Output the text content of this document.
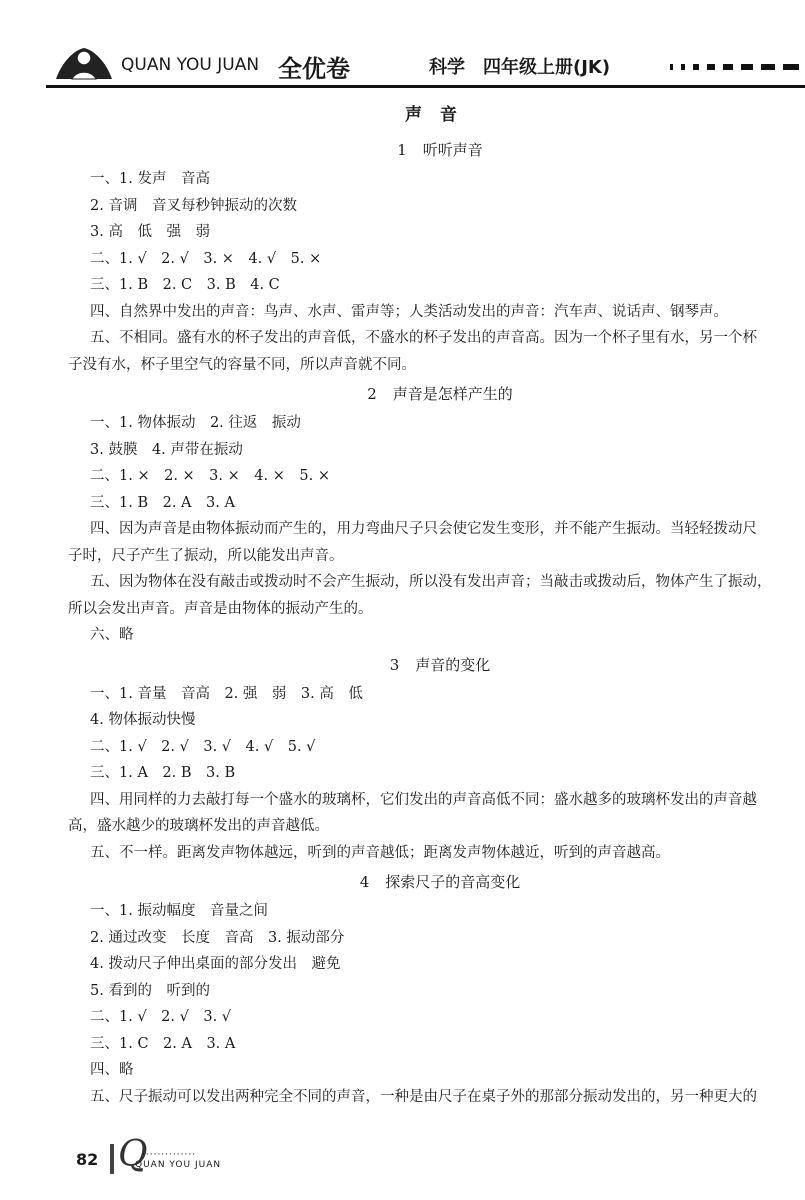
QUAN YOU JUAN 全优卷	科学　四年级上册(JK)
声音
1 听听声音
一、1. 发声　音高
2. 音调　音叉每秒钟振动的次数
3. 高　低　强　弱
二、1. √　2. √　3. ×　4. √　5. ×
三、1. B　2. C　3. B　4. C
四、自然界中发出的声音：鸟声、水声、雷声等；人类活动发出的声音：汽车声、说话声、钢琴声。
五、不相同。盛有水的杯子发出的声音低，不盛水的杯子发出的声音高。因为一个杯子里有水，另一个杯
子没有水，杯子里空气的容量不同，所以声音就不同。
2 声音是怎样产生的
一、1. 物体振动　2. 往返　振动
3. 鼓膜　4. 声带在振动
二、1. ×　2. ×　3. ×　4. ×　5. ×
三、1. B　2. A　3. A
四、因为声音是由物体振动而产生的，用力弯曲尺子只会使它发生变形，并不能产生振动。当轻轻拨动尺
子时，尺子产生了振动，所以能发出声音。
五、因为物体在没有敲击或拨动时不会产生振动，所以没有发出声音；当敲击或拨动后，物体产生了振动，
所以会发出声音。声音是由物体的振动产生的。
六、略
3 声音的变化
一、1. 音量　音高　2. 强　弱　3. 高　低
4. 物体振动快慢
二、1. √　2. √　3. √　4. √　5. √
三、1. A　2. B　3. B
四、用同样的力去敲打每一个盛水的玻璃杯，它们发出的声音高低不同：盛水越多的玻璃杯发出的声音越
高，盛水越少的玻璃杯发出的声音越低。
五、不一样。距离发声物体越远，听到的声音越低；距离发声物体越近，听到的声音越高。
4 探索尺子的音高变化
一、1. 振动幅度　音量之间
2. 通过改变　长度　音高　3. 振动部分
4. 拨动尺子伸出桌面的部分发出　避免
5. 看到的　听到的
二、1. √　2. √　3. √
三、1. C　2. A　3. A
四、略
五、尺子振动可以发出两种完全不同的声音，一种是由尺子在桌子外的那部分振动发出的，另一种更大的
82 Q
··············
QUAN YOU JUAN
